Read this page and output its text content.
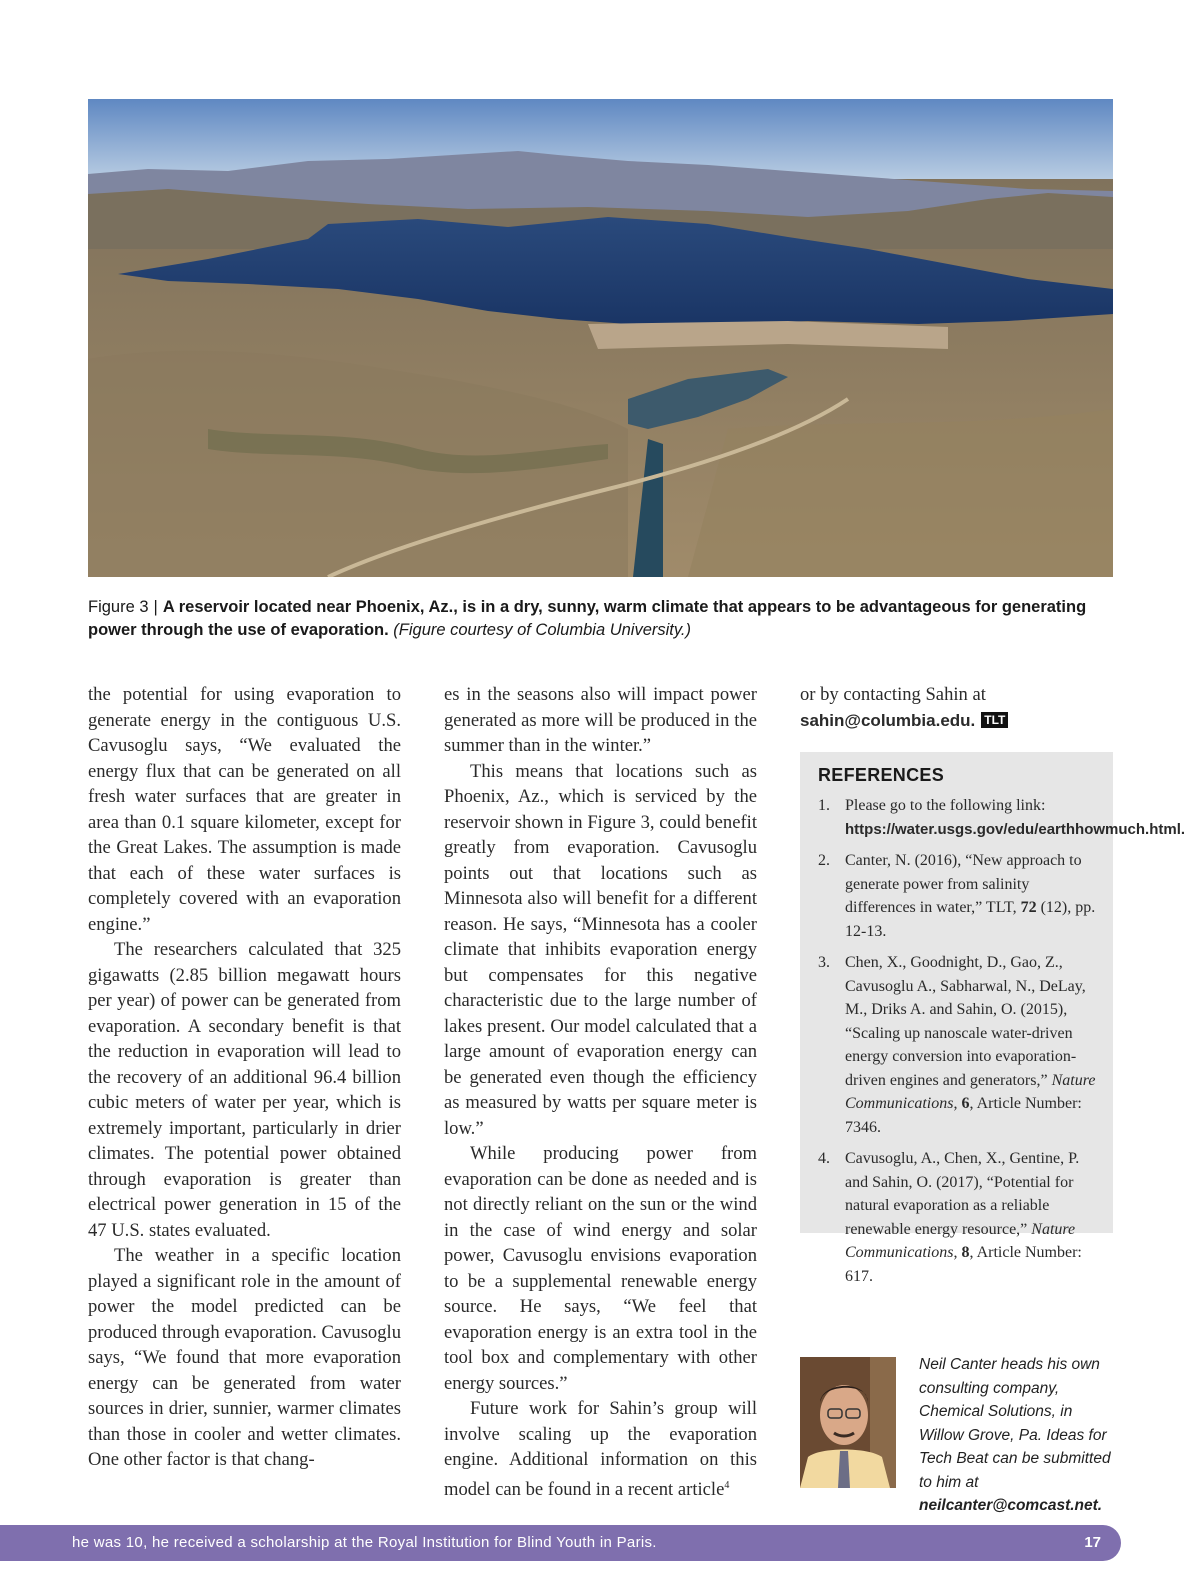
Figure 3 | A reservoir located near Phoenix, Az., is in a dry, sunny, warm climate that appears to be advantageous for generating power through the use of evaporation. (Figure courtesy of Columbia University.)

the potential for using evaporation to generate energy in the contiguous U.S. Cavusoglu says, “We evaluated the energy flux that can be generated on all fresh water surfaces that are greater in area than 0.1 square kilometer, except for the Great Lakes. The assumption is made that each of these water surfaces is completely covered with an evaporation engine.”

The researchers calculated that 325 gigawatts (2.85 billion megawatt hours per year) of power can be generated from evaporation. A secondary benefit is that the reduction in evaporation will lead to the recovery of an additional 96.4 billion cubic meters of water per year, which is extremely important, particularly in drier climates. The potential power obtained through evaporation is greater than electrical power generation in 15 of the 47 U.S. states evaluated.

The weather in a specific location played a significant role in the amount of power the model predicted can be produced through evaporation. Cavusoglu says, “We found that more evaporation energy can be generated from water sources in drier, sunnier, warmer climates than those in cooler and wetter climates. One other factor is that chang-

es in the seasons also will impact power generated as more will be produced in the summer than in the winter.”

This means that locations such as Phoenix, Az., which is serviced by the reservoir shown in Figure 3, could benefit greatly from evaporation. Cavusoglu points out that locations such as Minnesota also will benefit for a different reason. He says, “Minnesota has a cooler climate that inhibits evaporation energy but compensates for this negative characteristic due to the large number of lakes present. Our model calculated that a large amount of evaporation energy can be generated even though the efficiency as measured by watts per square meter is low.”

While producing power from evaporation can be done as needed and is not directly reliant on the sun or the wind in the case of wind energy and solar power, Cavusoglu envisions evaporation to be a supplemental renewable energy source. He says, “We feel that evaporation energy is an extra tool in the tool box and complementary with other energy sources.”

Future work for Sahin’s group will involve scaling up the evaporation engine. Additional information on this model can be found in a recent article$^4$

or by contacting Sahin at sahin@columbia.edu. TLT

REFERENCES
1. Please go to the following link:
https://water.usgs.gov/edu/earthhowmuch.html.
2. Canter, N. (2016), “New approach to generate power from salinity differences in water,” TLT, 72 (12), pp. 12-13.
3. Chen, X., Goodnight, D., Gao, Z., Cavusoglu A., Sabharwal, N., DeLay, M., Driks A. and Sahin, O. (2015), “Scaling up nanoscale water-driven energy conversion into evaporation-driven engines and generators,” Nature Communications, 6, Article Number: 7346.
4. Cavusoglu, A., Chen, X., Gentine, P. and Sahin, O. (2017), “Potential for natural evaporation as a reliable renewable energy resource,” Nature Communications, 8, Article Number: 617.
Neil Canter heads his own consulting company, Chemical Solutions, in Willow Grove, Pa. Ideas for Tech Beat can be submitted to him at
neilcanter@comcast.net.
he was 10, he received a scholarship at the Royal Institution for Blind Youth in Paris.	17
